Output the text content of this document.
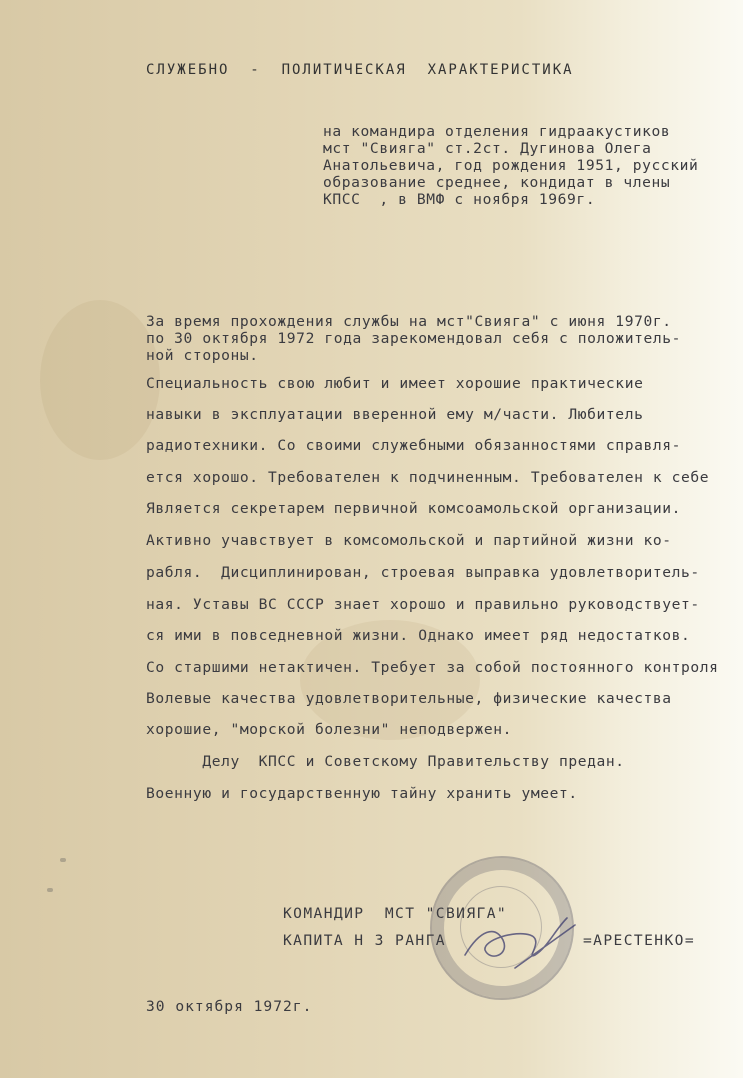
СЛУЖЕБНО  -  ПОЛИТИЧЕСКАЯ  ХАРАКТЕРИСТИКА
на командира отделения гидраакустиков
мст "Свияга" ст.2ст. Дугинова Олега
Анатольевича, год рождения 1951, русский
образование среднее, кондидат в члены
КПСС  , в ВМФ с ноября 1969г.
За время прохождения службы на мст"Свияга" с июня 1970г.
по 30 октября 1972 года зарекомендовал себя с положитель-
ной стороны.
Специальность свою любит и имеет хорошие практические
навыки в эксплуатации вверенной ему м/части. Любитель
радиотехники. Со своими служебными обязанностями справля-
ется хорошо. Требователен к подчиненным. Требователен к себе
Является секретарем первичной комсоамольской организации.
Активно учавствует в комсомольской и партийной жизни ко-
рабля.  Дисциплинирован, строевая выправка удовлетворитель-
ная. Уставы ВС СССР знает хорошо и правильно руководствует-
ся ими в повседневной жизни. Однако имеет ряд недостатков.
Со старшими нетактичен. Требует за собой постоянного контроля
Волевые качества удовлетворительные, физические качества
хорошие, "морской болезни" неподвержен.
Делу  КПСС и Советскому Правительству предан.
Военную и государственную тайну хранить умеет.
КОМАНДИР  МСТ "СВИЯГА"
КАПИТА Н 3 РАНГА	=АРЕСТЕНКО=
30 октября 1972г.
